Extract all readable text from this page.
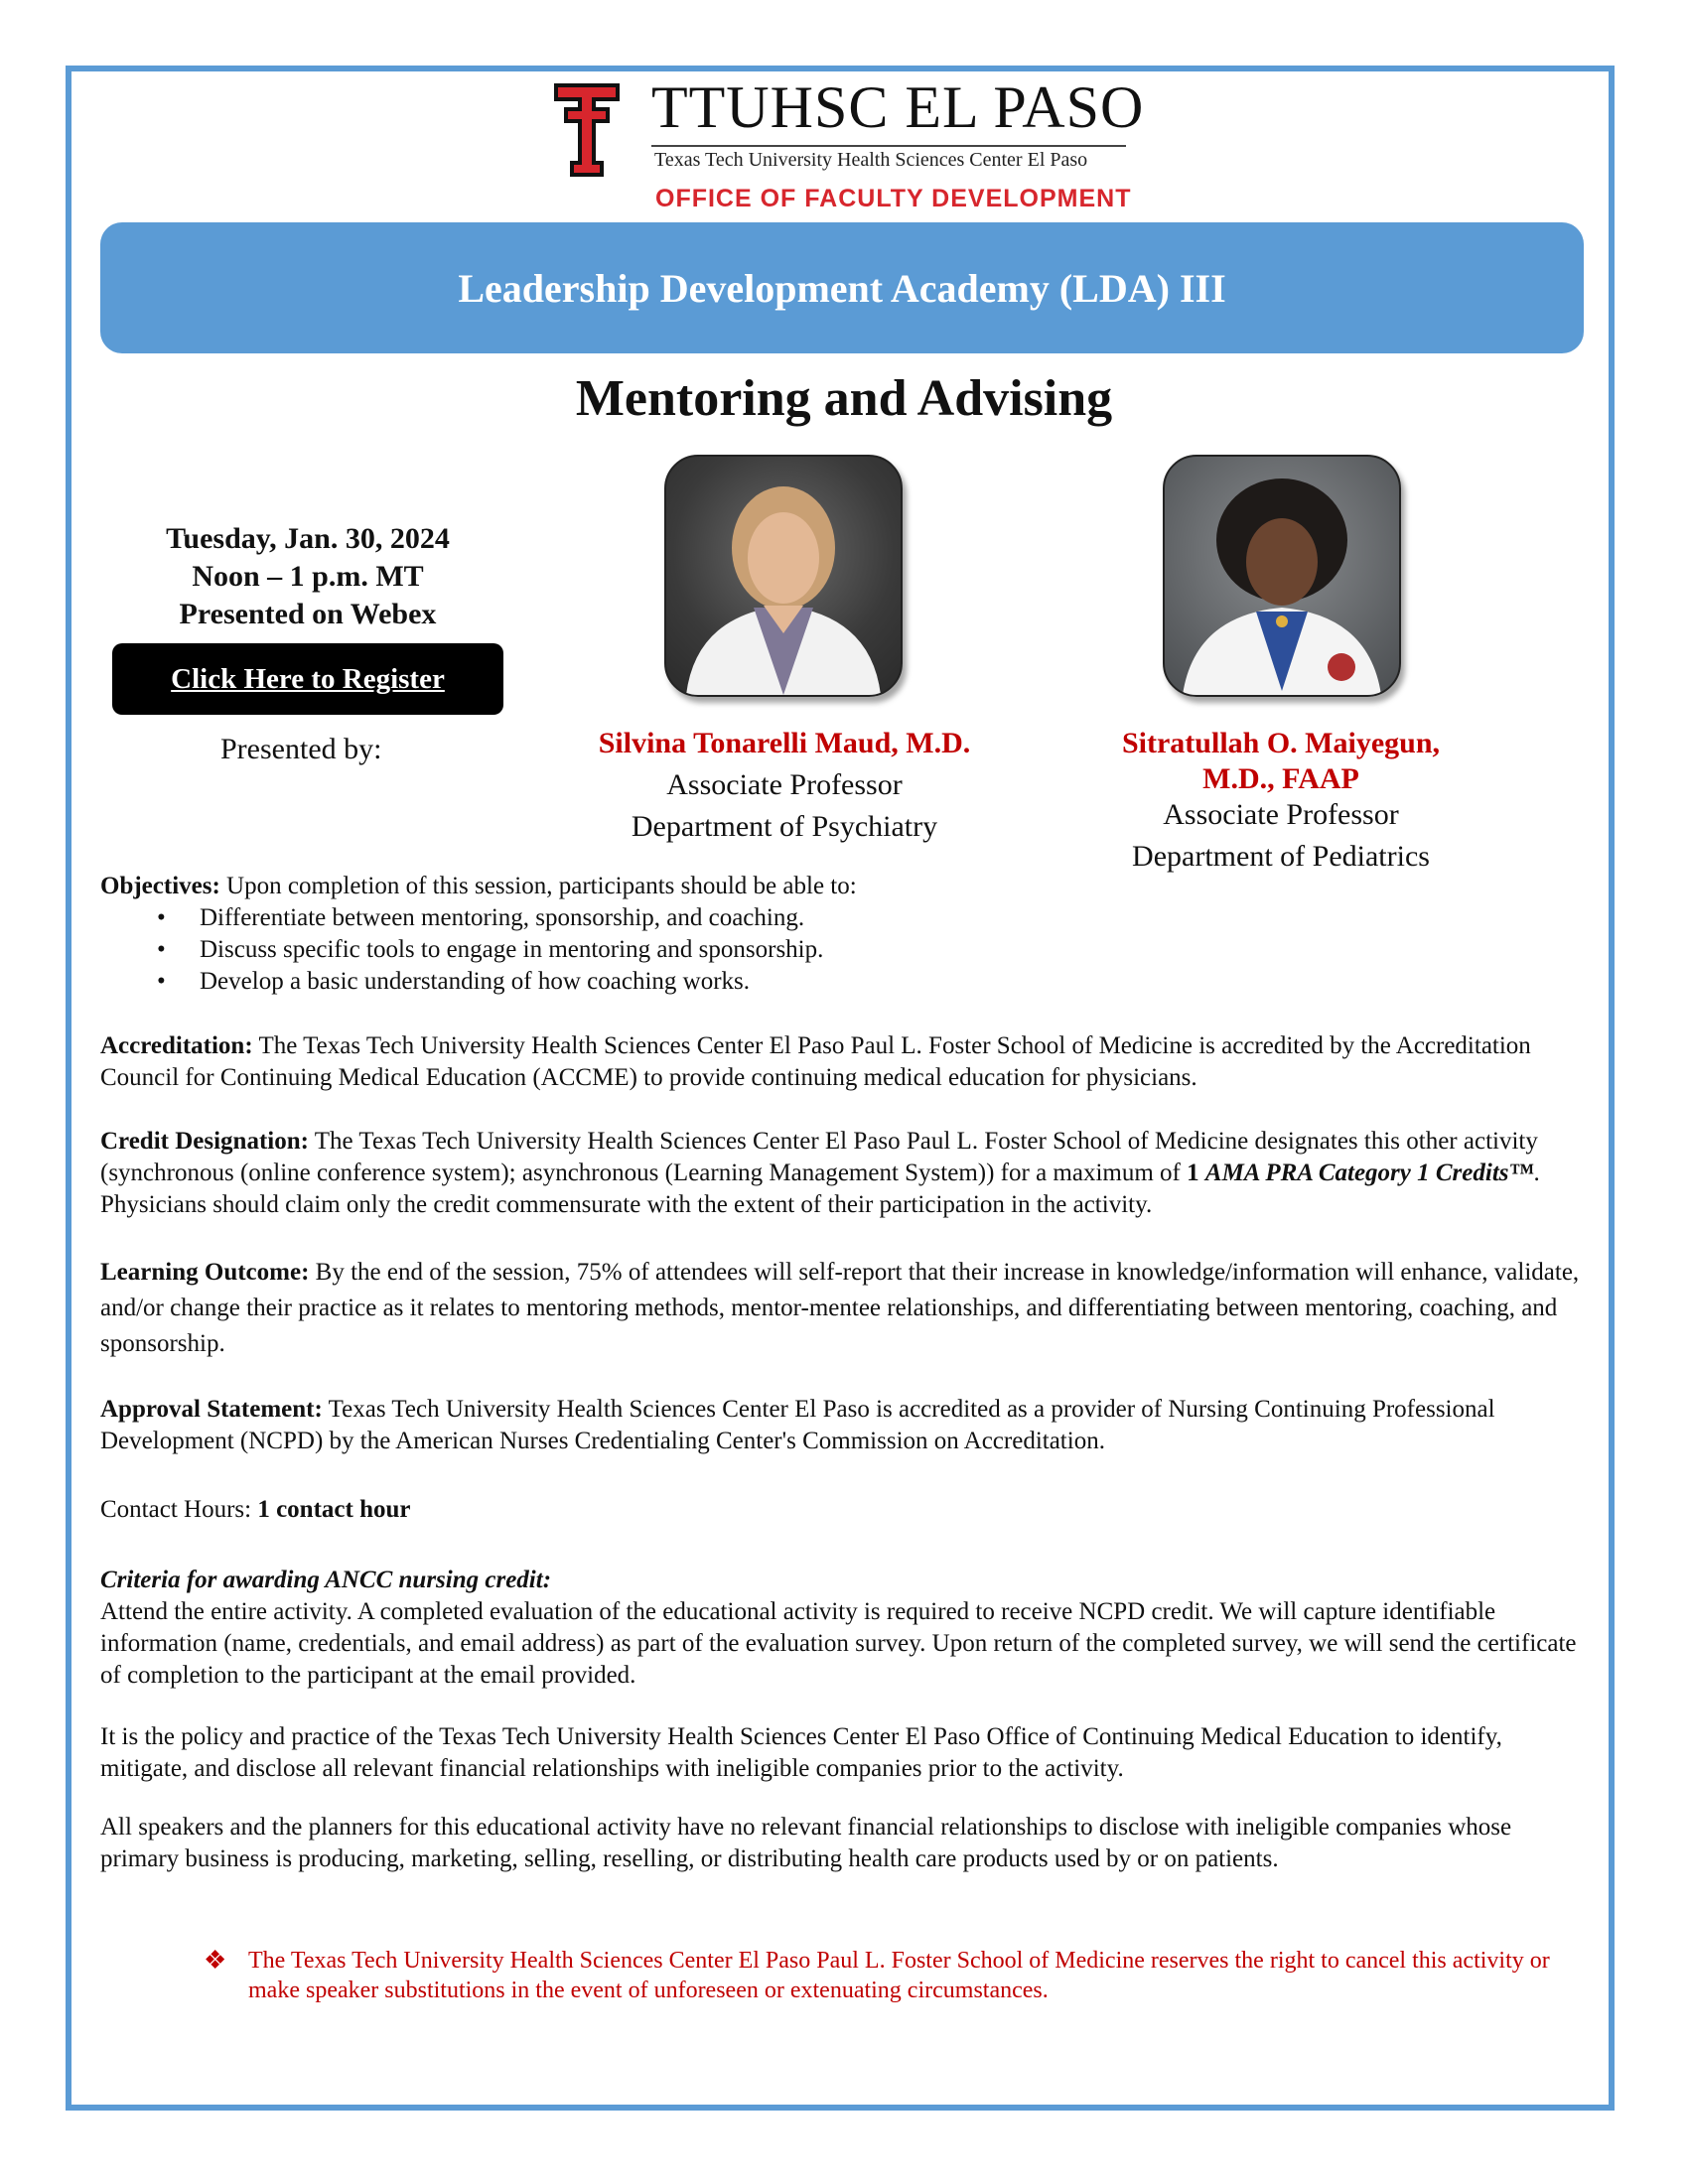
TTUHSC EL PASO
Texas Tech University Health Sciences Center El Paso
OFFICE OF FACULTY DEVELOPMENT
Leadership Development Academy (LDA) III
Mentoring and Advising
Tuesday, Jan. 30, 2024
Noon – 1 p.m. MT
Presented on Webex
Click Here to Register
Presented by:	Silvina Tonarelli Maud, M.D.
Associate Professor
Department of Psychiatry
Sitratullah O. Maiyegun,
M.D., FAAP
Associate Professor
Department of Pediatrics
Objectives: Upon completion of this session, participants should be able to:
• Differentiate between mentoring, sponsorship, and coaching.
• Discuss specific tools to engage in mentoring and sponsorship.
• Develop a basic understanding of how coaching works.
Accreditation: The Texas Tech University Health Sciences Center El Paso Paul L. Foster School of Medicine is accredited by the Accreditation Council for Continuing Medical Education (ACCME) to provide continuing medical education for physicians.
Credit Designation: The Texas Tech University Health Sciences Center El Paso Paul L. Foster School of Medicine designates this other activity (synchronous (online conference system); asynchronous (Learning Management System)) for a maximum of 1 AMA PRA Category 1 Credits™. Physicians should claim only the credit commensurate with the extent of their participation in the activity.
Learning Outcome: By the end of the session, 75% of attendees will self-report that their increase in knowledge/information will enhance, validate, and/or change their practice as it relates to mentoring methods, mentor-mentee relationships, and differentiating between mentoring, coaching, and sponsorship.
Approval Statement: Texas Tech University Health Sciences Center El Paso is accredited as a provider of Nursing Continuing Professional Development (NCPD) by the American Nurses Credentialing Center's Commission on Accreditation.
Contact Hours: 1 contact hour
Criteria for awarding ANCC nursing credit:
Attend the entire activity. A completed evaluation of the educational activity is required to receive NCPD credit. We will capture identifiable information (name, credentials, and email address) as part of the evaluation survey. Upon return of the completed survey, we will send the certificate of completion to the participant at the email provided.
It is the policy and practice of the Texas Tech University Health Sciences Center El Paso Office of Continuing Medical Education to identify, mitigate, and disclose all relevant financial relationships with ineligible companies prior to the activity.
All speakers and the planners for this educational activity have no relevant financial relationships to disclose with ineligible companies whose primary business is producing, marketing, selling, reselling, or distributing health care products used by or on patients.
❖ The Texas Tech University Health Sciences Center El Paso Paul L. Foster School of Medicine reserves the right to cancel this activity or make speaker substitutions in the event of unforeseen or extenuating circumstances.
